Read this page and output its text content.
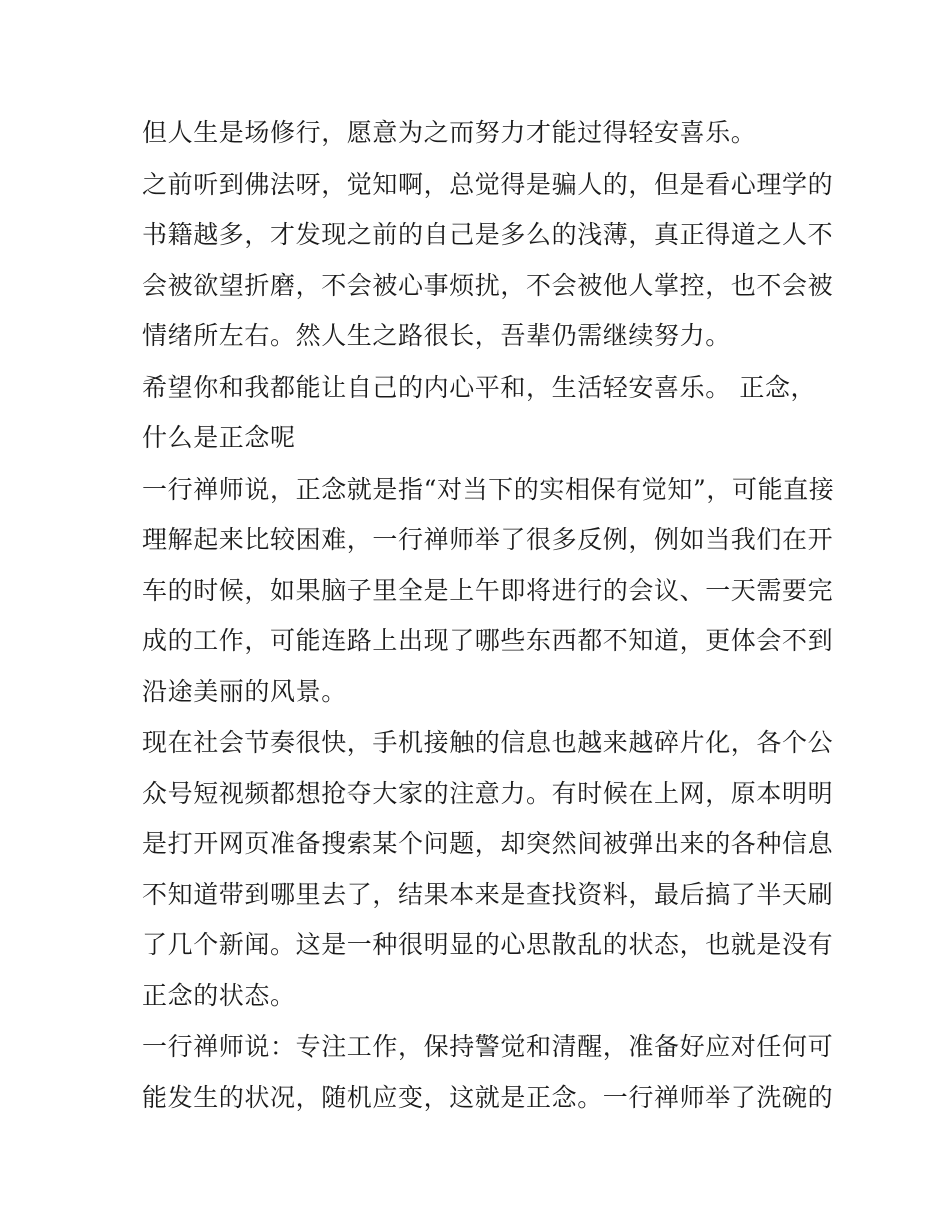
但人生是场修行，愿意为之而努力才能过得轻安喜乐。

之前听到佛法呀，觉知啊，总觉得是骗人的，但是看心理学的
书籍越多，才发现之前的自己是多么的浅薄，真正得道之人不
会被欲望折磨，不会被心事烦扰，不会被他人掌控，也不会被
情绪所左右。然人生之路很长，吾辈仍需继续努力。

希望你和我都能让自己的内心平和，生活轻安喜乐。 正念，
什么是正念呢

一行禅师说，正念就是指“对当下的实相保有觉知”，可能直接
理解起来比较困难，一行禅师举了很多反例，例如当我们在开
车的时候，如果脑子里全是上午即将进行的会议、一天需要完
成的工作，可能连路上出现了哪些东西都不知道，更体会不到
沿途美丽的风景。

现在社会节奏很快，手机接触的信息也越来越碎片化，各个公
众号短视频都想抢夺大家的注意力。有时候在上网，原本明明
是打开网页准备搜索某个问题，却突然间被弹出来的各种信息
不知道带到哪里去了，结果本来是查找资料，最后搞了半天刷
了几个新闻。这是一种很明显的心思散乱的状态，也就是没有
正念的状态。

一行禅师说：专注工作，保持警觉和清醒，准备好应对任何可
能发生的状况，随机应变，这就是正念。一行禅师举了洗碗的
